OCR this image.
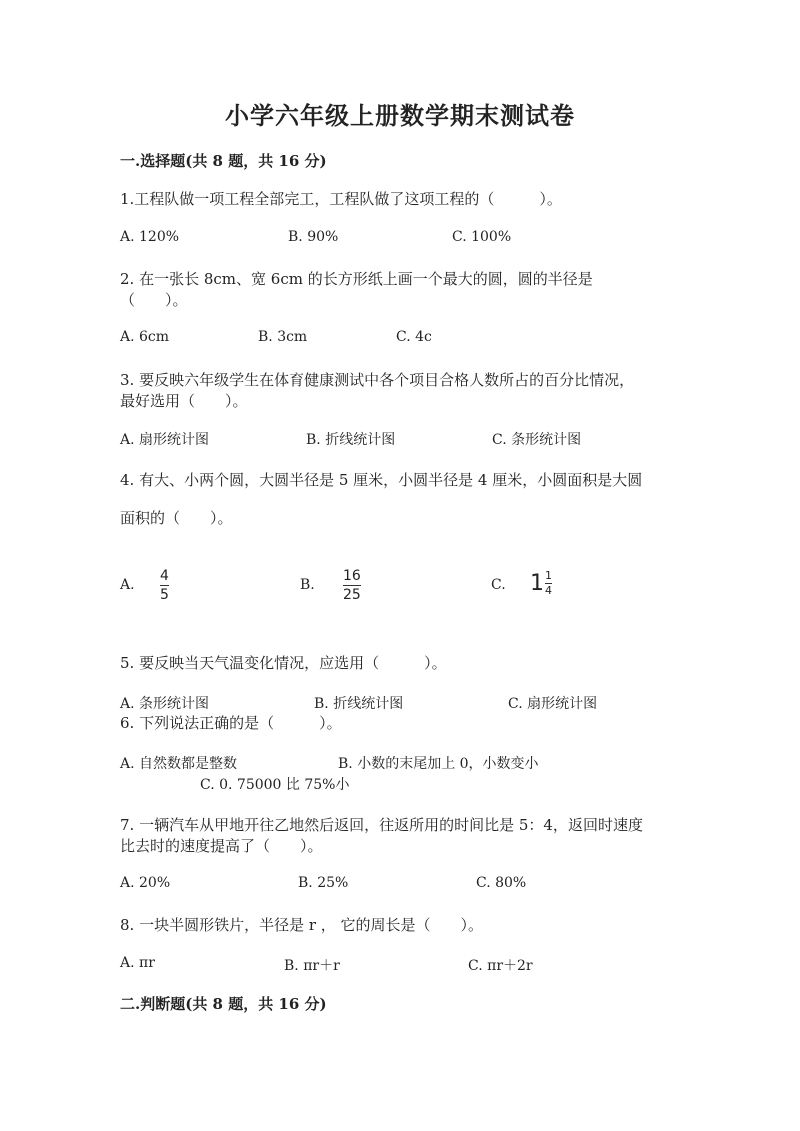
小学六年级上册数学期末测试卷
一.选择题(共 8 题，共 16 分)
1.工程队做一项工程全部完工，工程队做了这项工程的（　　　）。
A. 120%	B. 90%	C. 100%
2. 在一张长 8cm、宽 6cm 的长方形纸上画一个最大的圆，圆的半径是
（　　）。
A. 6cm	B. 3cm	C. 4c
3. 要反映六年级学生在体育健康测试中各个项目合格人数所占的百分比情况，
最好选用（　　）。
A. 扇形统计图	B. 折线统计图	C. 条形统计图
4. 有大、小两个圆，大圆半径是 5 厘米，小圆半径是 4 厘米，小圆面积是大圆
面积的（　　）。
A.
4
5
B.
16
25
C. $1 \frac{1}{4}$
5. 要反映当天气温变化情况，应选用（　　　）。
A. 条形统计图	B. 折线统计图	C. 扇形统计图
6. 下列说法正确的是（　　　）。
A. 自然数都是整数	B. 小数的末尾加上 0，小数变小
C. 0. 75000 比 75%小
7. 一辆汽车从甲地开往乙地然后返回，往返所用的时间比是 5：4，返回时速度
比去时的速度提高了（　　）。
A. 20%	B. 25%	C. 80%
8. 一块半圆形铁片，半径是 r ， 它的周长是（　　）。
A. πr	B. πr＋r	C. πr＋2r
二.判断题(共 8 题，共 16 分)
